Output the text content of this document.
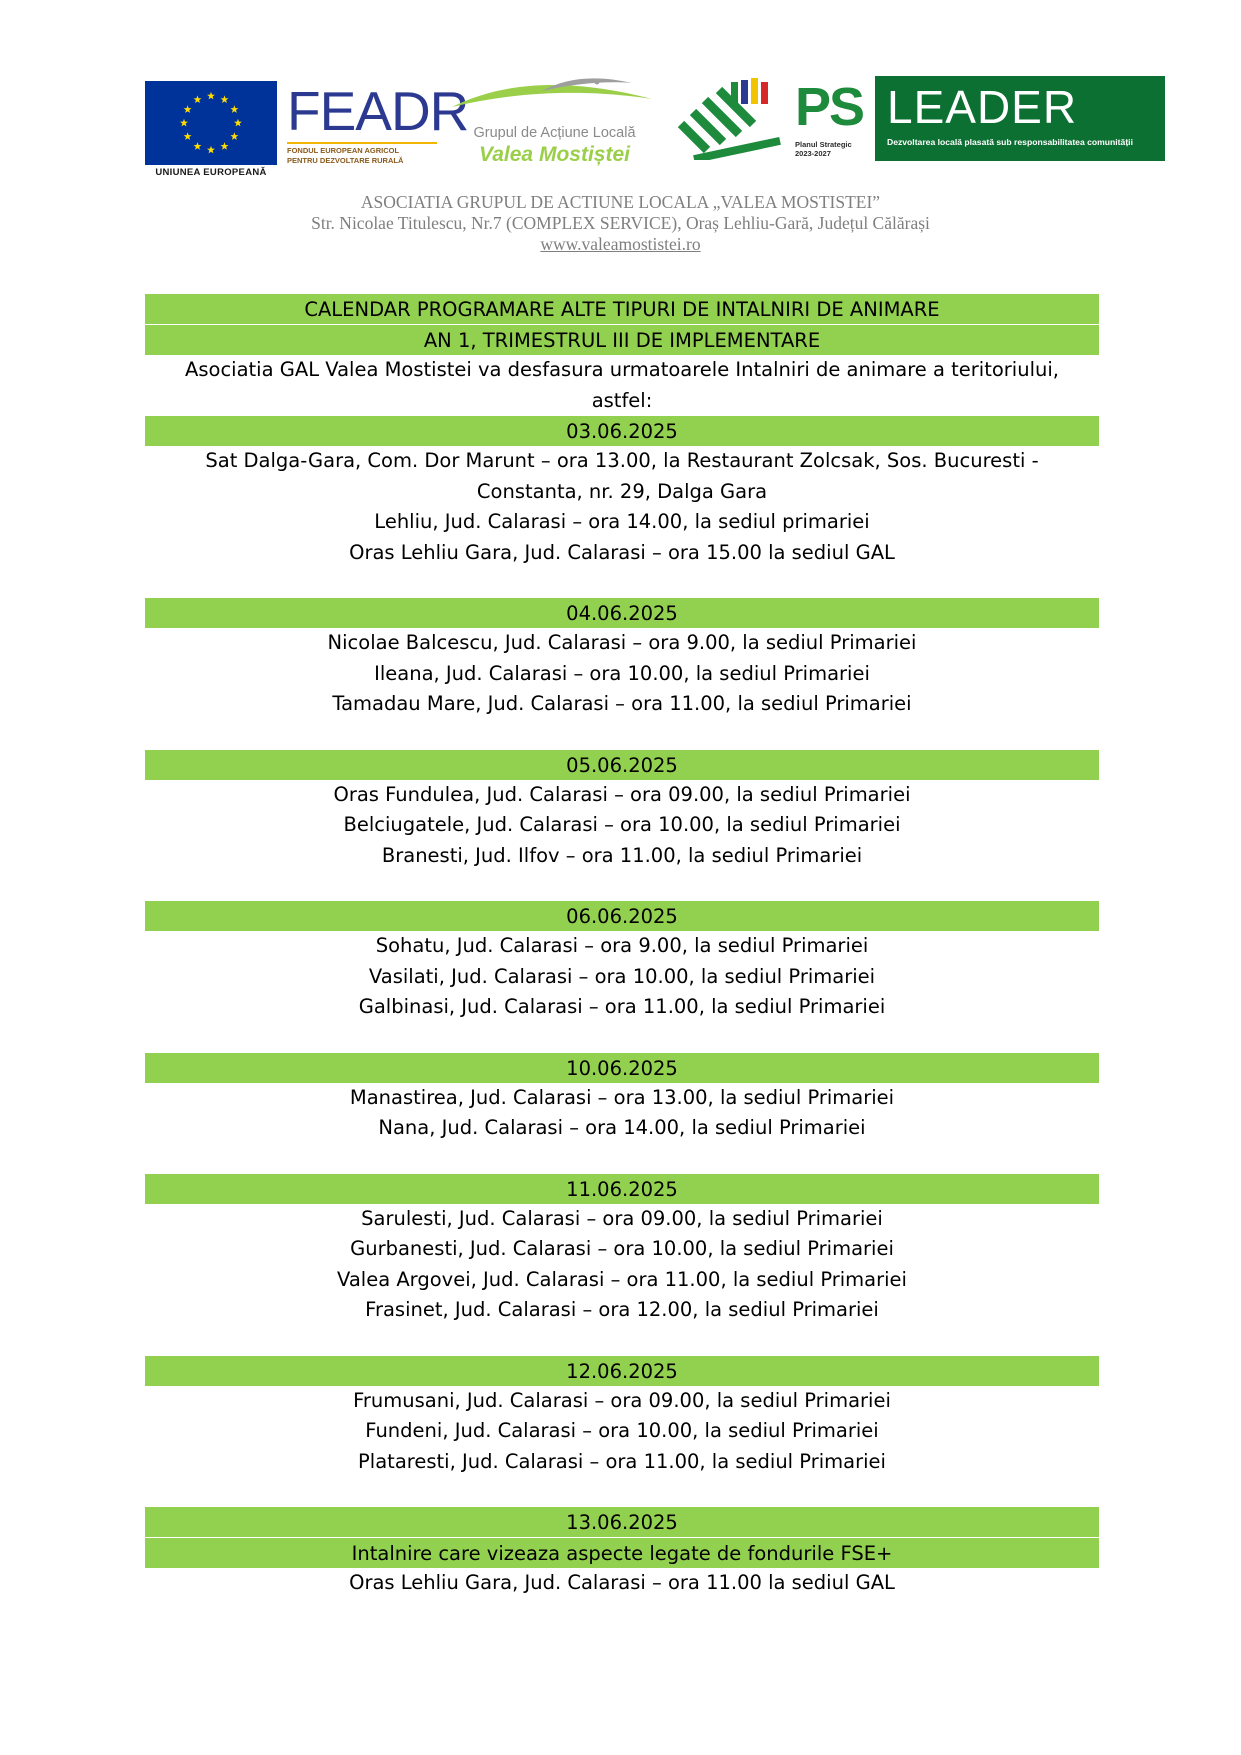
UNIUNEA EUROPEANĂ
FEADR
FONDUL EUROPEAN AGRICOL
PENTRU DEZVOLTARE RURALĂ
Grupul de Acțiune Locală
Valea Mostiștei
PS
Planul Strategic
2023-2027
LEADER
Dezvoltarea locală plasată sub responsabilitatea comunității
ASOCIATIA GRUPUL DE ACTIUNE LOCALA „VALEA MOSTISTEI”
Str. Nicolae Titulescu, Nr.7 (COMPLEX SERVICE), Oraș Lehliu-Gară, Județul Călărași
www.valeamostistei.ro
CALENDAR PROGRAMARE ALTE TIPURI DE INTALNIRI DE ANIMARE
AN 1, TRIMESTRUL III DE IMPLEMENTARE
Asociatia GAL Valea Mostistei va desfasura urmatoarele Intalniri de animare a teritoriului,
astfel:
03.06.2025
Sat Dalga-Gara, Com. Dor Marunt – ora 13.00, la Restaurant Zolcsak, Sos. Bucuresti -
Constanta, nr. 29, Dalga Gara
Lehliu, Jud. Calarasi – ora 14.00, la sediul primariei
Oras Lehliu Gara, Jud. Calarasi – ora 15.00 la sediul GAL
04.06.2025
Nicolae Balcescu, Jud. Calarasi – ora 9.00, la sediul Primariei
Ileana, Jud. Calarasi – ora 10.00, la sediul Primariei
Tamadau Mare, Jud. Calarasi – ora 11.00, la sediul Primariei
05.06.2025
Oras Fundulea, Jud. Calarasi – ora 09.00, la sediul Primariei
Belciugatele, Jud. Calarasi – ora 10.00, la sediul Primariei
Branesti, Jud. Ilfov – ora 11.00, la sediul Primariei
06.06.2025
Sohatu, Jud. Calarasi – ora 9.00, la sediul Primariei
Vasilati, Jud. Calarasi – ora 10.00, la sediul Primariei
Galbinasi, Jud. Calarasi – ora 11.00, la sediul Primariei
10.06.2025
Manastirea, Jud. Calarasi – ora 13.00, la sediul Primariei
Nana, Jud. Calarasi – ora 14.00, la sediul Primariei
11.06.2025
Sarulesti, Jud. Calarasi – ora 09.00, la sediul Primariei
Gurbanesti, Jud. Calarasi – ora 10.00, la sediul Primariei
Valea Argovei, Jud. Calarasi – ora 11.00, la sediul Primariei
Frasinet, Jud. Calarasi – ora 12.00, la sediul Primariei
12.06.2025
Frumusani, Jud. Calarasi – ora 09.00, la sediul Primariei
Fundeni, Jud. Calarasi – ora 10.00, la sediul Primariei
Plataresti, Jud. Calarasi – ora 11.00, la sediul Primariei
13.06.2025
Intalnire care vizeaza aspecte legate de fondurile FSE+
Oras Lehliu Gara, Jud. Calarasi – ora 11.00 la sediul GAL
